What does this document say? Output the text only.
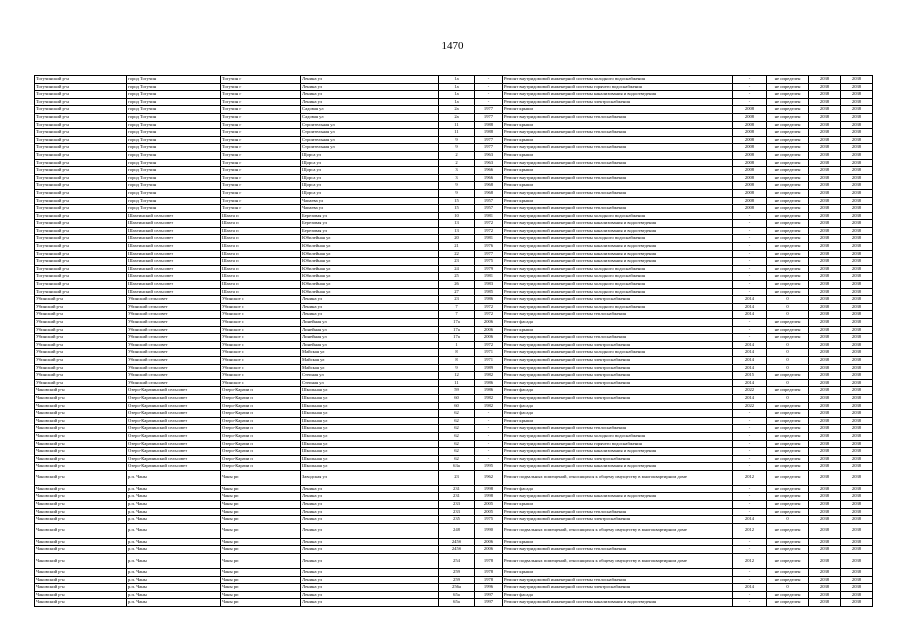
1470
Тогучинский р-н	город Тогучин	Тогучин г	Ленина ул	1а	-	Ремонт внутридомовой инженерной системы холодного водоснабжения	-	не определен	2038	2038
Тогучинский р-н	город Тогучин	Тогучин г	Ленина ул	1а	-	Ремонт внутридомовой инженерной системы горячего водоснабжения	-	не определен	2038	2038
Тогучинский р-н	город Тогучин	Тогучин г	Ленина ул	1а	-	Ремонт внутридомовой инженерной системы канализования и водоотведения	-	не определен	2038	2038
Тогучинский р-н	город Тогучин	Тогучин г	Ленина ул	1а	-	Ремонт внутридомовой инженерной системы электроснабжения	-	не определен	2038	2038
Тогучинский р-н	город Тогучин	Тогучин г	Садовая ул	2а	1977	Ремонт крыши	2008	не определен	2038	2038
Тогучинский р-н	город Тогучин	Тогучин г	Садовая ул	2а	1977	Ремонт внутридомовой инженерной системы теплоснабжения	2008	не определен	2038	2038
Тогучинский р-н	город Тогучин	Тогучин г	Строительная ул	11	1988	Ремонт крыши	2008	не определен	2038	2038
Тогучинский р-н	город Тогучин	Тогучин г	Строительная ул	11	1988	Ремонт внутридомовой инженерной системы теплоснабжения	2008	не определен	2038	2038
Тогучинский р-н	город Тогучин	Тогучин г	Строительная ул	9	1977	Ремонт крыши	2008	не определен	2038	2038
Тогучинский р-н	город Тогучин	Тогучин г	Строительная ул	9	1977	Ремонт внутридомовой инженерной системы теплоснабжения	2008	не определен	2038	2038
Тогучинский р-н	город Тогучин	Тогучин г	Щорса ул	2	1963	Ремонт крыши	2008	не определен	2038	2038
Тогучинский р-н	город Тогучин	Тогучин г	Щорса ул	2	1963	Ремонт внутридомовой инженерной системы теплоснабжения	2008	не определен	2038	2038
Тогучинский р-н	город Тогучин	Тогучин г	Щорса ул	3	1966	Ремонт крыши	2008	не определен	2038	2038
Тогучинский р-н	город Тогучин	Тогучин г	Щорса ул	3	1966	Ремонт внутридомовой инженерной системы теплоснабжения	2008	не определен	2038	2038
Тогучинский р-н	город Тогучин	Тогучин г	Щорса ул	9	1968	Ремонт крыши	2008	не определен	2038	2038
Тогучинский р-н	город Тогучин	Тогучин г	Щорса ул	9	1968	Ремонт внутридомовой инженерной системы теплоснабжения	2008	не определен	2038	2038
Тогучинский р-н	город Тогучин	Тогучин г	Чапаева ул	15	1957	Ремонт крыши	2008	не определен	2038	2038
Тогучинский р-н	город Тогучин	Тогучин г	Чапаева ул	15	1957	Ремонт внутридомовой инженерной системы теплоснабжения	2008	не определен	2038	2038
Тогучинский р-н	Шахтинский сельсовет	Шахта п	Березовая ул	10	1981	Ремонт внутридомовой инженерной системы холодного водоснабжения	-	не определен	2038	2038
Тогучинский р-н	Шахтинский сельсовет	Шахта п	Березовая ул	13	1972	Ремонт внутридомовой инженерной системы канализования и водоотведения	-	не определен	2038	2038
Тогучинский р-н	Шахтинский сельсовет	Шахта п	Березовая ул	13	1972	Ремонт внутридомовой инженерной системы канализования и водоотведения	-	не определен	2038	2038
Тогучинский р-н	Шахтинский сельсовет	Шахта п	Юбилейная ул	20	1981	Ремонт внутридомовой инженерной системы холодного водоснабжения	-	не определен	2038	2038
Тогучинский р-н	Шахтинский сельсовет	Шахта п	Юбилейная ул	21	1976	Ремонт внутридомовой инженерной системы канализования и водоотведения	-	не определен	2038	2038
Тогучинский р-н	Шахтинский сельсовет	Шахта п	Юбилейная ул	22	1977	Ремонт внутридомовой инженерной системы канализования и водоотведения	-	не определен	2038	2038
Тогучинский р-н	Шахтинский сельсовет	Шахта п	Юбилейная ул	23	1975	Ремонт внутридомовой инженерной системы канализования и водоотведения	-	не определен	2038	2038
Тогучинский р-н	Шахтинский сельсовет	Шахта п	Юбилейная ул	24	1979	Ремонт внутридомовой инженерной системы холодного водоснабжения	-	не определен	2038	2038
Тогучинский р-н	Шахтинский сельсовет	Шахта п	Юбилейная ул	25	1981	Ремонт внутридомовой инженерной системы холодного водоснабжения	-	не определен	2038	2038
Тогучинский р-н	Шахтинский сельсовет	Шахта п	Юбилейная ул	26	1983	Ремонт внутридомовой инженерной системы холодного водоснабжения	-	не определен	2038	2038
Тогучинский р-н	Шахтинский сельсовет	Шахта п	Юбилейная ул	27	1985	Ремонт внутридомовой инженерной системы холодного водоснабжения	-	не определен	2038	2038
Убинский р-н	Убинский сельсовет	Убинское с	Ленина ул	23	1986	Ремонт внутридомовой инженерной системы электроснабжения	2014	0	2038	2038
Убинский р-н	Убинский сельсовет	Убинское с	Ленина ул	7	1972	Ремонт внутридомовой инженерной системы холодного водоснабжения	2014	0	2038	2038
Убинский р-н	Убинский сельсовет	Убинское с	Ленина ул	7	1972	Ремонт внутридомовой инженерной системы теплоснабжения	2014	0	2038	2038
Убинский р-н	Убинский сельсовет	Убинское с	Линейная ул	17а	2006	Ремонт фасада	-	не определен	2038	2038
Убинский р-н	Убинский сельсовет	Убинское с	Линейная ул	17а	2006	Ремонт крыши	-	не определен	2038	2038
Убинский р-н	Убинский сельсовет	Убинское с	Линейная ул	17а	2006	Ремонт внутридомовой инженерной системы теплоснабжения	-	не определен	2038	2038
Убинский р-н	Убинский сельсовет	Убинское с	Линейная ул	1	1972	Ремонт внутридомовой инженерной системы электроснабжения	2014	0	2038	2038
Убинский р-н	Убинский сельсовет	Убинское с	Майская ул	8	1971	Ремонт внутридомовой инженерной системы холодного водоснабжения	2014	0	2038	2038
Убинский р-н	Убинский сельсовет	Убинское с	Майская ул	8	1971	Ремонт внутридомовой инженерной системы электроснабжения	2014	0	2038	2038
Убинский р-н	Убинский сельсовет	Убинское с	Майская ул	9	1989	Ремонт внутридомовой инженерной системы электроснабжения	2014	0	2038	2038
Убинский р-н	Убинский сельсовет	Убинское с	Степная ул	12	1982	Ремонт внутридомовой инженерной системы электроснабжения	2015	не определен	2038	2038
Убинский р-н	Убинский сельсовет	Убинское с	Степная ул	11	1986	Ремонт внутридомовой инженерной системы электроснабжения	2014	0	2038	2038
Чановский р-н	Озеро-Карачинский сельсовет	Озеро-Карачи п	Школьная ул	59	1986	Ремонт фасада	2022	не определен	2038	2038
Чановский р-н	Озеро-Карачинский сельсовет	Озеро-Карачи п	Школьная ул	60	1982	Ремонт внутридомовой инженерной системы электроснабжения	2014	0	2038	2038
Чановский р-н	Озеро-Карачинский сельсовет	Озеро-Карачи п	Школьная ул	60	1982	Ремонт фасада	2022	не определен	2038	2038
Чановский р-н	Озеро-Карачинский сельсовет	Озеро-Карачи п	Школьная ул	62	-	Ремонт фасада	-	не определен	2038	2038
Чановский р-н	Озеро-Карачинский сельсовет	Озеро-Карачи п	Школьная ул	62	-	Ремонт крыши	-	не определен	2038	2038
Чановский р-н	Озеро-Карачинский сельсовет	Озеро-Карачи п	Школьная ул	62	-	Ремонт внутридомовой инженерной системы теплоснабжения	-	не определен	2038	2038
Чановский р-н	Озеро-Карачинский сельсовет	Озеро-Карачи п	Школьная ул	62	-	Ремонт внутридомовой инженерной системы холодного водоснабжения	-	не определен	2038	2038
Чановский р-н	Озеро-Карачинский сельсовет	Озеро-Карачи п	Школьная ул	62	-	Ремонт внутридомовой инженерной системы горячего водоснабжения	-	не определен	2038	2038
Чановский р-н	Озеро-Карачинский сельсовет	Озеро-Карачи п	Школьная ул	62	-	Ремонт внутридомовой инженерной системы канализования и водоотведения	-	не определен	2038	2038
Чановский р-н	Озеро-Карачинский сельсовет	Озеро-Карачи п	Школьная ул	62	-	Ремонт внутридомовой инженерной системы электроснабжения	-	не определен	2038	2038
Чановский р-н	Озеро-Карачинский сельсовет	Озеро-Карачи п	Школьная ул	63а	1995	Ремонт внутридомовой инженерной системы канализования и водоотведения	-	не определен	2038	2038
Чановский р-н	р.п. Чаны	Чаны рп	Заводская ул	23	1962	Ремонт подвальных помещений, относящихся к общему имуществу в многоквартирном доме	2012	не определен	2038	2038
Чановский р-н	р.п. Чаны	Чаны рп	Ленина ул	231	1998	Ремонт фасада	-	не определен	2038	2038
Чановский р-н	р.п. Чаны	Чаны рп	Ленина ул	231	1998	Ремонт внутридомовой инженерной системы канализования и водоотведения	-	не определен	2038	2038
Чановский р-н	р.п. Чаны	Чаны рп	Ленина ул	233	2005	Ремонт крыши	-	не определен	2038	2038
Чановский р-н	р.п. Чаны	Чаны рп	Ленина ул	233	2005	Ремонт внутридомовой инженерной системы теплоснабжения	-	не определен	2038	2038
Чановский р-н	р.п. Чаны	Чаны рп	Ленина ул	235	1975	Ремонт внутридомовой инженерной системы электроснабжения	2014	0	2038	2038
Чановский р-н	р.п. Чаны	Чаны рп	Ленина ул	248	1990	Ремонт подвальных помещений, относящихся к общему имуществу в многоквартирном доме	2012	не определен	2038	2038
Чановский р-н	р.п. Чаны	Чаны рп	Ленина ул	245б	2006	Ремонт крыши	-	не определен	2038	2038
Чановский р-н	р.п. Чаны	Чаны рп	Ленина ул	245б	2006	Ремонт внутридомовой инженерной системы теплоснабжения	-	не определен	2038	2038
Чановский р-н	р.п. Чаны	Чаны рп	Ленина ул	254	1978	Ремонт подвальных помещений, относящихся к общему имуществу в многоквартирном доме	2012	не определен	2038	2038
Чановский р-н	р.п. Чаны	Чаны рп	Ленина ул	259	1978	Ремонт крыши	-	не определен	2038	2038
Чановский р-н	р.п. Чаны	Чаны рп	Ленина ул	259	1978	Ремонт внутридомовой инженерной системы теплоснабжения	-	не определен	2038	2038
Чановский р-н	р.п. Чаны	Чаны рп	Ленина ул	256а	1996	Ремонт внутридомовой инженерной системы электроснабжения	2014	0	2038	2038
Чановский р-н	р.п. Чаны	Чаны рп	Ленина ул	65а	1997	Ремонт фасада	-	не определен	2038	2038
Чановский р-н	р.п. Чаны	Чаны рп	Ленина ул	65а	1997	Ремонт внутридомовой инженерной системы канализования и водоотведения	-	не определен	2038	2038
